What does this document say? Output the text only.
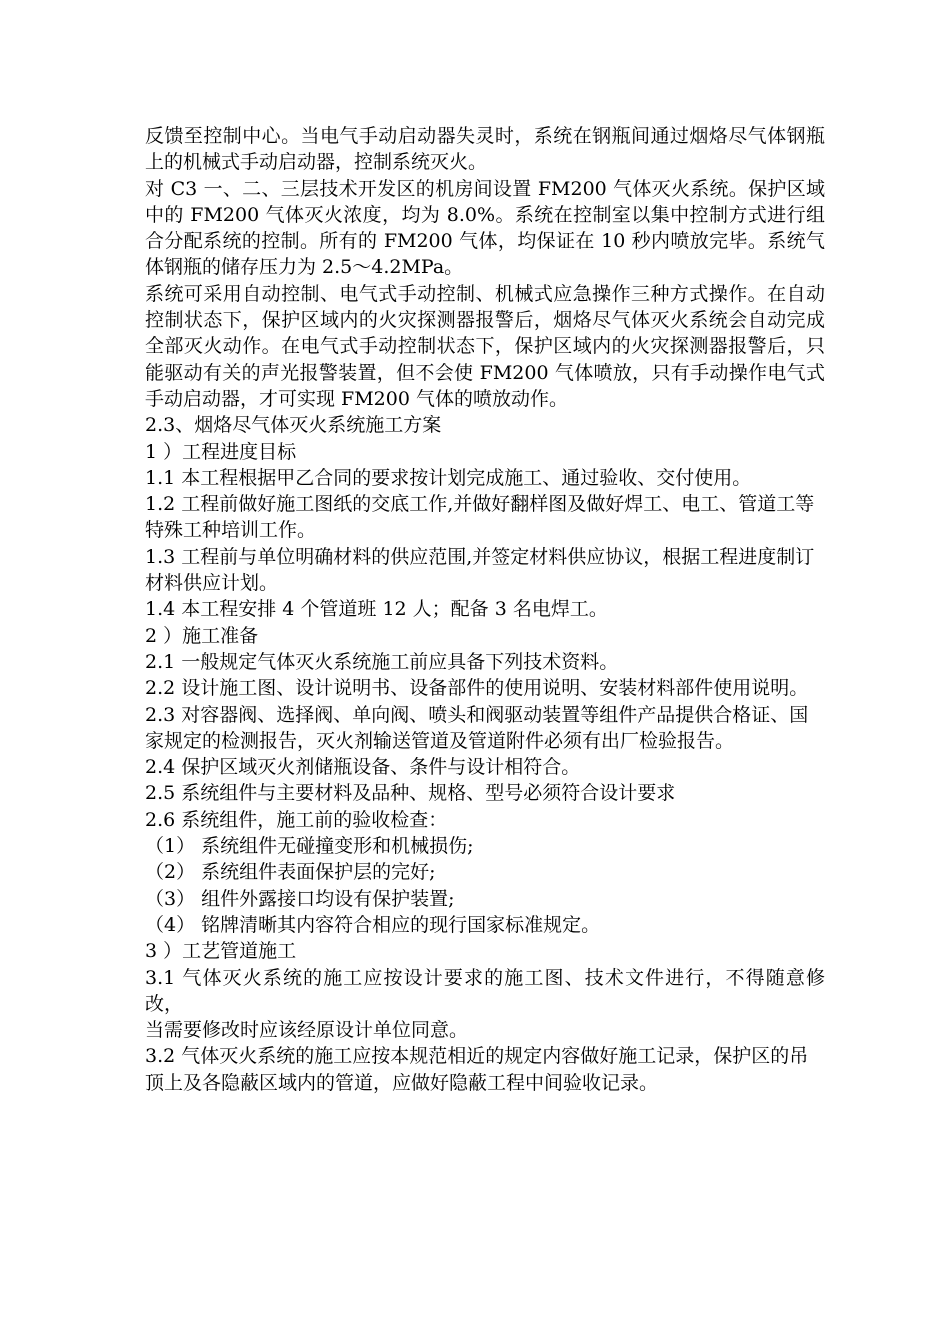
反馈至控制中心。当电气手动启动器失灵时，系统在钢瓶间通过烟烙尽气体钢瓶上的机械式手动启动器，控制系统灭火。

对 C3 一、二、三层技术开发区的机房间设置 FM200 气体灭火系统。保护区域中的 FM200 气体灭火浓度，均为 8.0%。系统在控制室以集中控制方式进行组合分配系统的控制。所有的 FM200 气体，均保证在 10 秒内喷放完毕。系统气体钢瓶的储存压力为 2.5～4.2MPa。

系统可采用自动控制、电气式手动控制、机械式应急操作三种方式操作。在自动控制状态下，保护区域内的火灾探测器报警后，烟烙尽气体灭火系统会自动完成全部灭火动作。在电气式手动控制状态下，保护区域内的火灾探测器报警后，只能驱动有关的声光报警装置，但不会使 FM200 气体喷放，只有手动操作电气式手动启动器，才可实现 FM200 气体的喷放动作。

2.3、烟烙尽气体灭火系统施工方案

1 ）工程进度目标

1.1 本工程根据甲乙合同的要求按计划完成施工、通过验收、交付使用。

1.2 工程前做好施工图纸的交底工作,并做好翻样图及做好焊工、电工、管道工等

特殊工种培训工作。

1.3 工程前与单位明确材料的供应范围,并签定材料供应协议，根据工程进度制订

材料供应计划。

1.4 本工程安排 4 个管道班 12 人；配备 3 名电焊工。

2 ）施工准备

2.1 一般规定气体灭火系统施工前应具备下列技术资料。

2.2 设计施工图、设计说明书、设备部件的使用说明、安装材料部件使用说明。

2.3 对容器阀、选择阀、单向阀、喷头和阀驱动装置等组件产品提供合格证、国

家规定的检测报告，灭火剂输送管道及管道附件必须有出厂检验报告。

2.4 保护区域灭火剂储瓶设备、条件与设计相符合。

2.5 系统组件与主要材料及品种、规格、型号必须符合设计要求

2.6 系统组件，施工前的验收检查：

（1） 系统组件无碰撞变形和机械损伤;

（2） 系统组件表面保护层的完好;

（3） 组件外露接口均设有保护装置;

（4） 铭牌清晰其内容符合相应的现行国家标准规定。

3 ）工艺管道施工

3.1 气体灭火系统的施工应按设计要求的施工图、技术文件进行，不得随意修改，

当需要修改时应该经原设计单位同意。

3.2 气体灭火系统的施工应按本规范相近的规定内容做好施工记录，保护区的吊

顶上及各隐蔽区域内的管道，应做好隐蔽工程中间验收记录。
